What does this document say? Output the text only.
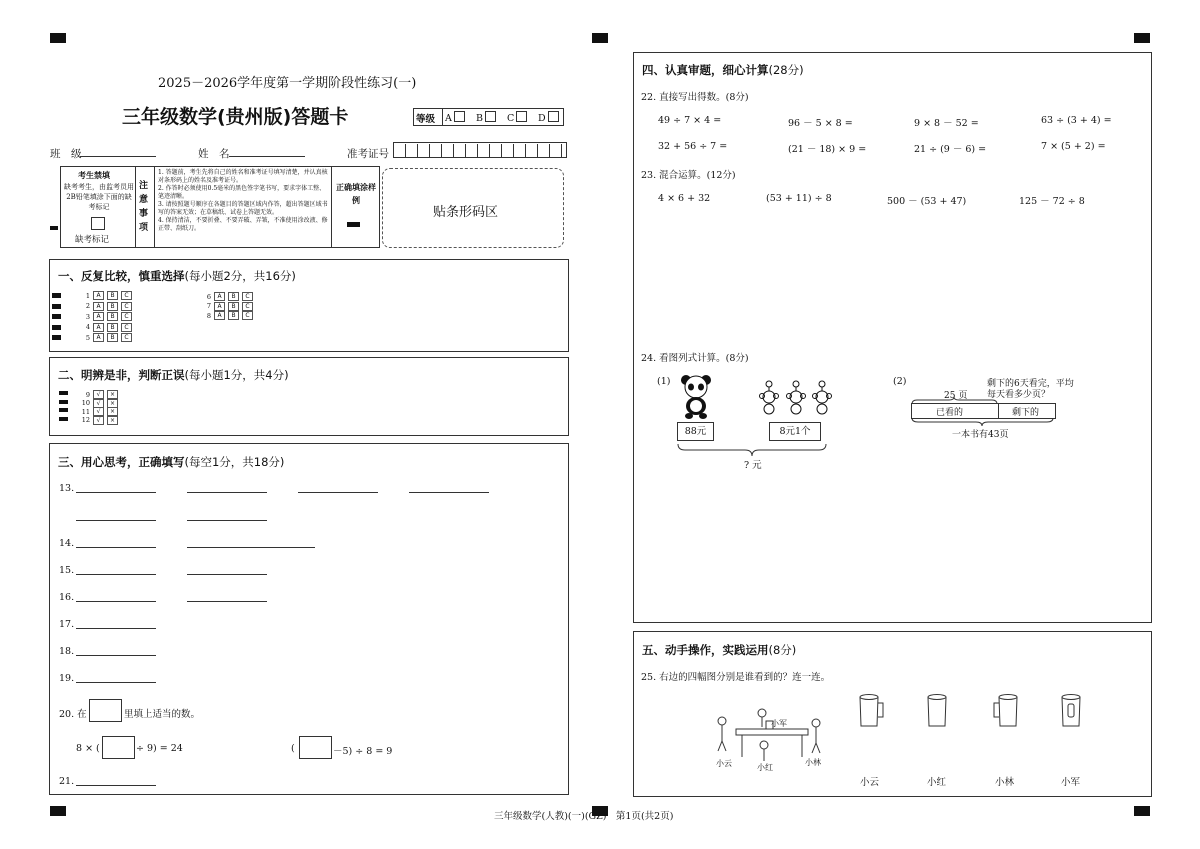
2025－2026学年度第一学期阶段性练习(一)
三年级数学(贵州版)答题卡	等级 A	B	C	D
班　级	姓　名	准考证号
考生禁填
缺考考生，由监考员用2B铅笔填涂下面的缺考标记
缺考标记
注意事项
1. 答题前，考生先将自己的姓名和准考证号填写清楚，并认真核对条形码上的姓名及准考证号。
2. 作答时必须使用0.5毫米的黑色签字笔书写，要求字体工整、笔迹清晰。
3. 请按照题号顺序在各题目的答题区域内作答，超出答题区域书写的答案无效；在草稿纸、试卷上答题无效。
4. 保持清洁，不要折叠、不要弄破、弄皱，不准使用涂改液、修正带、刮纸刀。
正确填涂样例
贴条形码区
一、反复比较，慎重选择(每小题2分，共16分)
1 A B C
2 A B C
3 A B C
4 A B C
5 A B C
6 A B C
7 A B C
8 A B C
二、明辨是非，判断正误(每小题1分，共4分)
9 √ ×
10 √ ×
11 √ ×
12 √ ×
三、用心思考，正确填写(每空1分，共18分)
13.
14.
15.
16.
17.
18.
19.
20. 在	里填上适当的数。
8 × (	÷ 9) = 24	(	－5) ÷ 8 = 9
21.
四、认真审题，细心计算(28分)
22. 直接写出得数。(8分)
49 ÷ 7 × 4 =	96 － 5 × 8 =	9 × 8 － 52 =	63 ÷ (3 + 4) =
32 + 56 ÷ 7 =	(21 － 18) × 9 =	21 ÷ (9 － 6) =	7 × (5 + 2) =
23. 混合运算。(12分)
4 × 6 + 32	(53 + 11) ÷ 8	500 － (53 + 47)	125 － 72 ÷ 8
24. 看图列式计算。(8分)
(1)
88元	8元1个
? 元
(2)
25 页
剩下的6天看完，平均
每天看多少页？
已看的	剩下的
一本书有43页
五、动手操作，实践运用(8分)
25. 右边的四幅图分别是谁看到的？连一连。
小军
小云	小红
小林
小云	小红	小林	小军
三年级数学(人教)(一)(GZ)　第1页(共2页)
